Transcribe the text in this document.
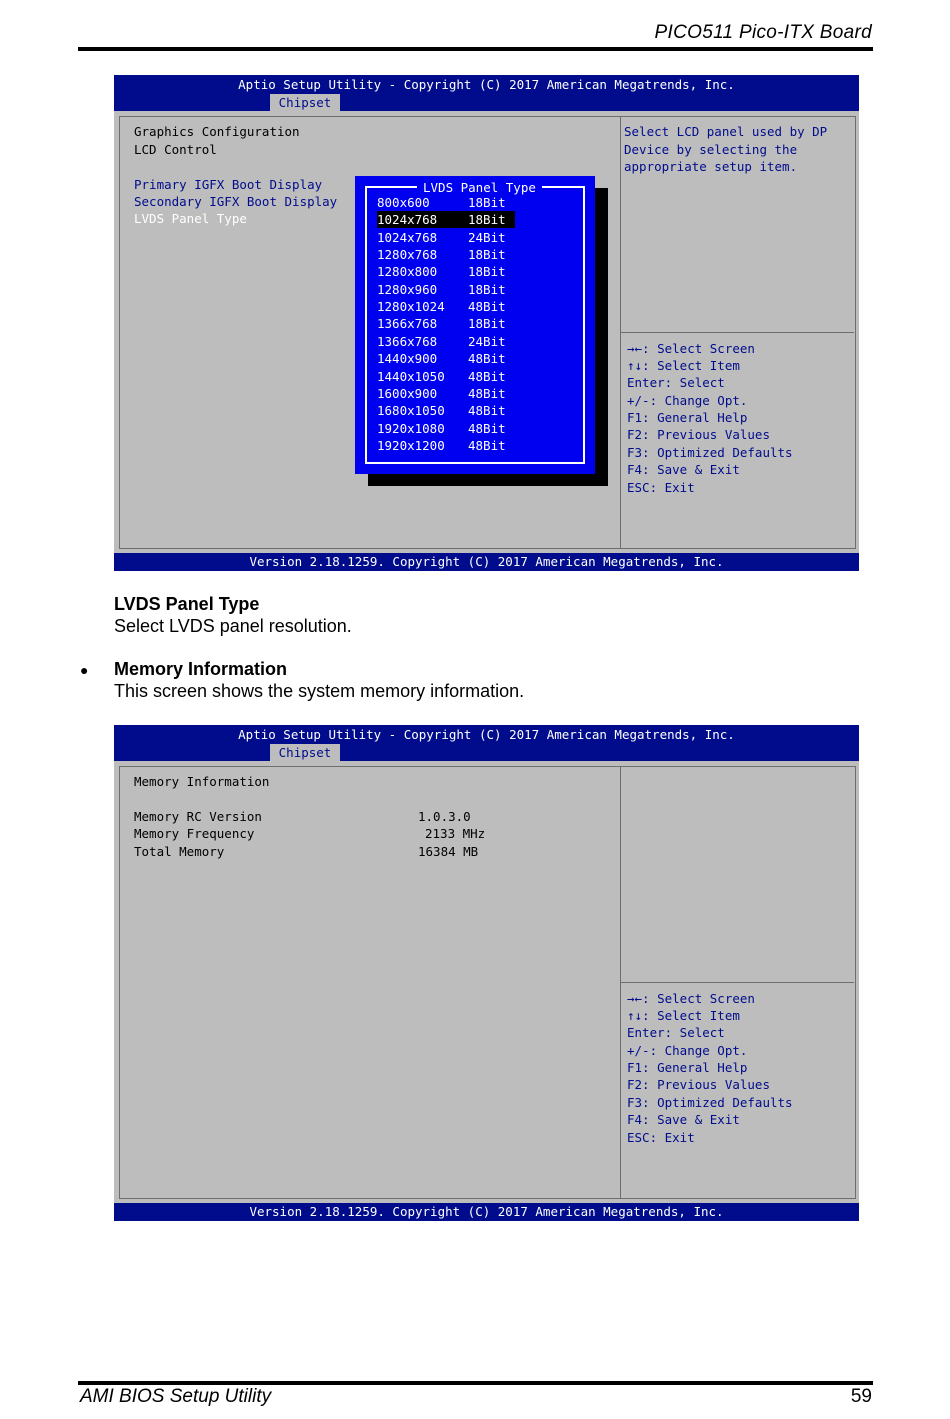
PICO511 Pico-ITX Board
Aptio Setup Utility - Copyright (C) 2017 American Megatrends, Inc.
Chipset
Graphics Configuration
LCD Control
Primary IGFX Boot Display
Secondary IGFX Boot Display
LVDS Panel Type
LVDS Panel Type
800x600	18Bit
1024x768 18Bit
1024x768 24Bit
1280x768 18Bit
1280x800 18Bit
1280x960 18Bit
1280x1024 48Bit
1366x768 18Bit
1366x768 24Bit
1440x900 48Bit
1440x1050 48Bit
1600x900 48Bit
1680x1050 48Bit
1920x1080 48Bit
1920x1200 48Bit
Select LCD panel used by DP
Device by selecting the
appropriate setup item.
→←: Select Screen
↑↓: Select Item
Enter: Select
+/-: Change Opt.
F1: General Help
F2: Previous Values
F3: Optimized Defaults
F4: Save & Exit
ESC: Exit
Version 2.18.1259. Copyright (C) 2017 American Megatrends, Inc.
LVDS Panel Type
Select LVDS panel resolution.
● Memory Information
This screen shows the system memory information.
Aptio Setup Utility - Copyright (C) 2017 American Megatrends, Inc.
Chipset
Memory Information
Memory RC Version	1.0.3.0
Memory Frequency	2133 MHz
Total Memory	16384 MB
→←: Select Screen
↑↓: Select Item
Enter: Select
+/-: Change Opt.
F1: General Help
F2: Previous Values
F3: Optimized Defaults
F4: Save & Exit
ESC: Exit
Version 2.18.1259. Copyright (C) 2017 American Megatrends, Inc.
AMI BIOS Setup Utility	59
